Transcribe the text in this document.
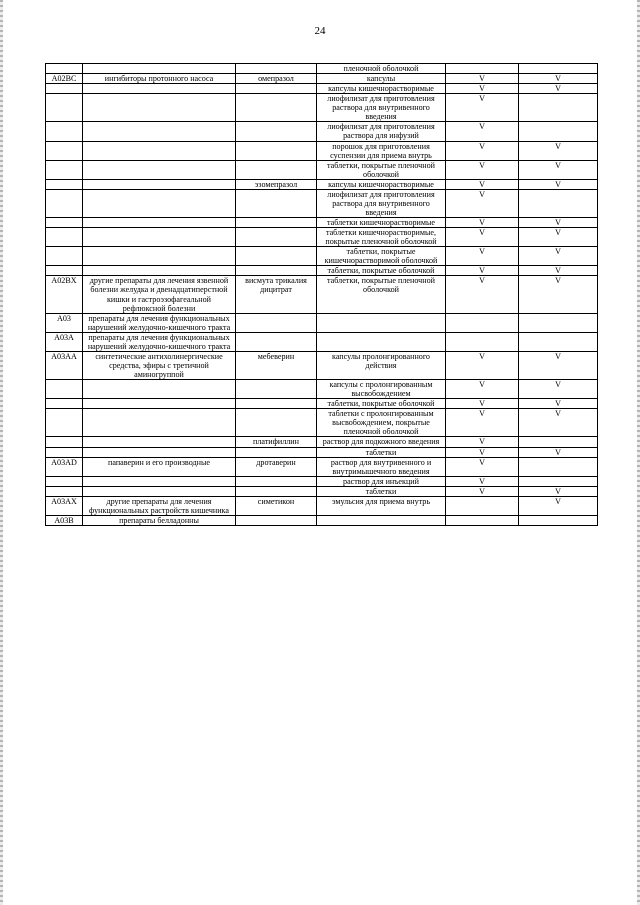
24
			пленочной оболочкой		
A02BC	ингибиторы протонного насоса	омепразол	капсулы	V	V
			капсулы кишечнорастворимые	V	V
			лиофилизат для приготовления раствора для внутривенного введения	V	
			лиофилизат для приготовления раствора для инфузий	V	
			порошок для приготовления суспензии для приема внутрь	V	V
			таблетки, покрытые пленочной оболочкой	V	V
		эзомепразол	капсулы кишечнорастворимые	V	V
			лиофилизат для приготовления раствора для внутривенного введения	V	
			таблетки кишечнорастворимые	V	V
			таблетки кишечнорастворимые, покрытые пленочной оболочкой	V	V
			таблетки, покрытые кишечнорастворимой оболочкой	V	V
			таблетки, покрытые оболочкой	V	V
A02BX	другие препараты для лечения язвенной болезни желудка и двенадцатиперстной кишки и гастроэзофагеальной рефлюксной болезни	висмута трикалия дицитрат	таблетки, покрытые пленочной оболочкой	V	V
A03	препараты для лечения функциональных нарушений желудочно-кишечного тракта				
A03A	препараты для лечения функциональных нарушений желудочно-кишечного тракта				
A03AA	синтетические антихолинергические средства, эфиры с третичной аминогруппой	мебеверин	капсулы пролонгированного действия	V	V
			капсулы с пролонгированным высвобождением	V	V
			таблетки, покрытые оболочкой	V	V
			таблетки с пролонгированным высвобождением, покрытые пленочной оболочкой	V	V
		платифиллин	раствор для подкожного введения	V	
			таблетки	V	V
A03AD	папаверин и его производные	дротаверин	раствор для внутривенного и внутримышечного введения	V	
			раствор для инъекций	V	
			таблетки	V	V
A03AX	другие препараты для лечения функциональных растройств кишечника	симетикон	эмульсия для приема внутрь		V
A03B	препараты белладонны				
